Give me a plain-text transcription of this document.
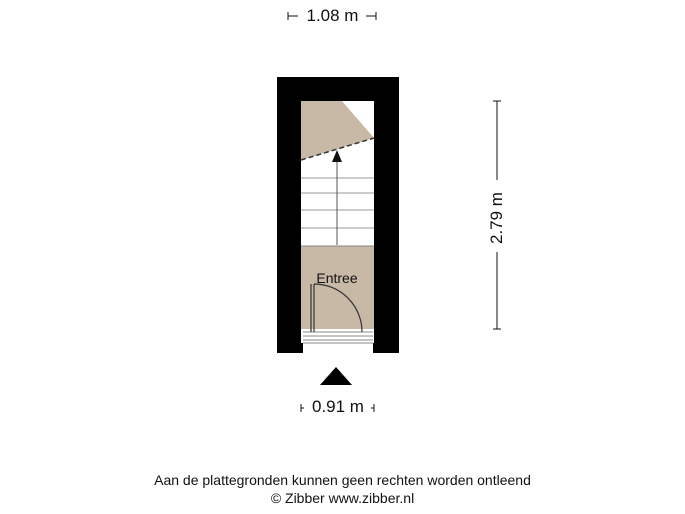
1.08 m
2.79 m
0.91 m
Entree
Aan de plattegronden kunnen geen rechten worden ontleend
© Zibber www.zibber.nl
